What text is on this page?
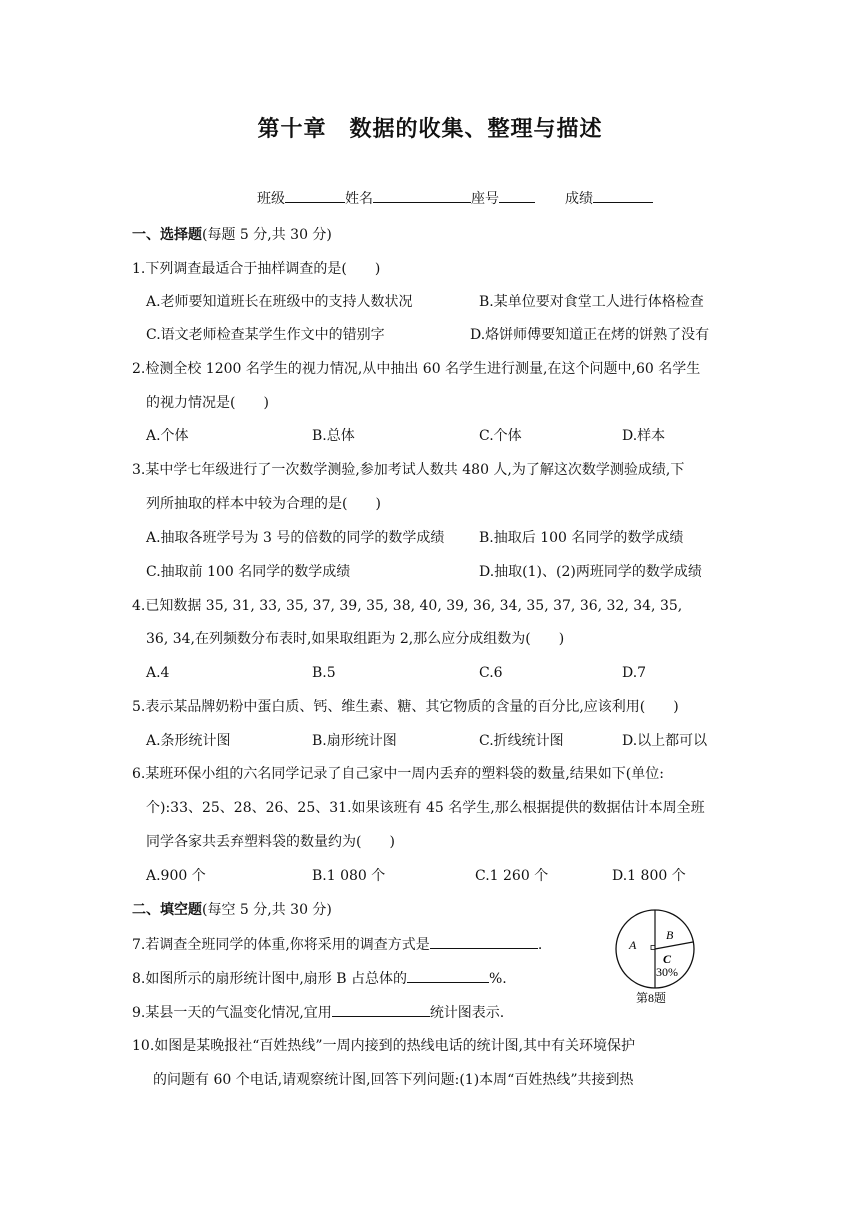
第十章　数据的收集、整理与描述
班级	姓名	座号	成绩
一、选择题(每题 5 分,共 30 分)
1.下列调查最适合于抽样调查的是(　　)
A.老师要知道班长在班级中的支持人数状况	B.某单位要对食堂工人进行体格检查
C.语文老师检查某学生作文中的错别字	D.烙饼师傅要知道正在烤的饼熟了没有
2.检测全校 1200 名学生的视力情况,从中抽出 60 名学生进行测量,在这个问题中,60 名学生
的视力情况是(　　)
A.个体	B.总体	C.个体	D.样本
3.某中学七年级进行了一次数学测验,参加考试人数共 480 人,为了解这次数学测验成绩,下
列所抽取的样本中较为合理的是(　　)
A.抽取各班学号为 3 号的倍数的同学的数学成绩 B.抽取后 100 名同学的数学成绩
C.抽取前 100 名同学的数学成绩	D.抽取(1)、(2)两班同学的数学成绩
4.已知数据 35, 31, 33, 35, 37, 39, 35, 38, 40, 39, 36, 34, 35, 37, 36, 32, 34, 35,
36, 34,在列频数分布表时,如果取组距为 2,那么应分成组数为(　　)
A.4	B.5	C.6	D.7
5.表示某品牌奶粉中蛋白质、钙、维生素、糖、其它物质的含量的百分比,应该利用(　　)
A.条形统计图	B.扇形统计图	C.折线统计图	D.以上都可以
6.某班环保小组的六名同学记录了自己家中一周内丢弃的塑料袋的数量,结果如下(单位:
个):33、25、28、26、25、31.如果该班有 45 名学生,那么根据提供的数据估计本周全班
同学各家共丢弃塑料袋的数量约为(　　)
A.900 个	B.1 080 个	C.1 260 个	D.1 800 个
二、填空题(每空 5 分,共 30 分)
7.若调查全班同学的体重,你将采用的调查方式是	.
8.如图所示的扇形统计图中,扇形 B 占总体的	%.
9.某县一天的气温变化情况,宜用	统计图表示.
10.如图是某晚报社“百姓热线”一周内接到的热线电话的统计图,其中有关环境保护
的问题有 60 个电话,请观察统计图,回答下列问题:(1)本周“百姓热线”共接到热
A
B
C
30%
第8题
